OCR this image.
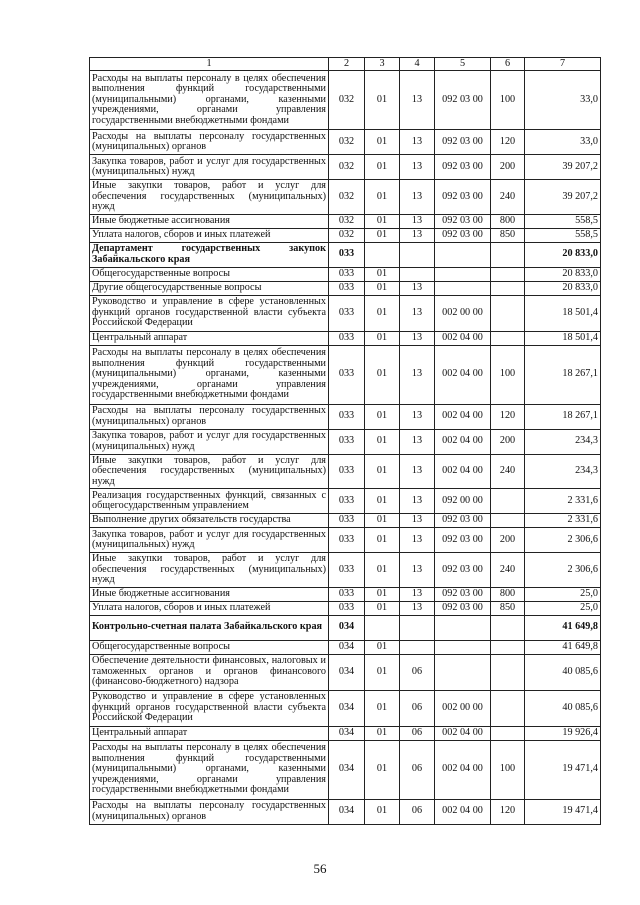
1	2	3	4	5	6	7
Расходы на выплаты персоналу в целях обеспечения выполнения функций государственными (муниципальными) органами, казенными учреждениями, органами управления государственными внебюджетными фондами	032	01	13	092 03 00	100	33,0
Расходы на выплаты персоналу государственных (муниципальных) органов	032	01	13	092 03 00	120	33,0
Закупка товаров, работ и услуг для государственных (муниципальных) нужд	032	01	13	092 03 00	200	39 207,2
Иные закупки товаров, работ и услуг для обеспечения государственных (муниципальных) нужд	032	01	13	092 03 00	240	39 207,2
Иные бюджетные ассигнования	032	01	13	092 03 00	800	558,5
Уплата налогов, сборов и иных платежей	032	01	13	092 03 00	850	558,5
Департамент государственных закупок Забайкальского края	033					20 833,0
Общегосударственные вопросы	033	01				20 833,0
Другие общегосударственные вопросы	033	01	13			20 833,0
Руководство и управление в сфере установленных функций органов государственной власти субъекта Российской Федерации	033	01	13	002 00 00		18 501,4
Центральный аппарат	033	01	13	002 04 00		18 501,4
Расходы на выплаты персоналу в целях обеспечения выполнения функций государственными (муниципальными) органами, казенными учреждениями, органами управления государственными внебюджетными фондами	033	01	13	002 04 00	100	18 267,1
Расходы на выплаты персоналу государственных (муниципальных) органов	033	01	13	002 04 00	120	18 267,1
Закупка товаров, работ и услуг для государственных (муниципальных) нужд	033	01	13	002 04 00	200	234,3
Иные закупки товаров, работ и услуг для обеспечения государственных (муниципальных) нужд	033	01	13	002 04 00	240	234,3
Реализация государственных функций, связанных с общегосударственным управлением	033	01	13	092 00 00		2 331,6
Выполнение других обязательств государства	033	01	13	092 03 00		2 331,6
Закупка товаров, работ и услуг для государственных (муниципальных) нужд	033	01	13	092 03 00	200	2 306,6
Иные закупки товаров, работ и услуг для обеспечения государственных (муниципальных) нужд	033	01	13	092 03 00	240	2 306,6
Иные бюджетные ассигнования	033	01	13	092 03 00	800	25,0
Уплата налогов, сборов и иных платежей	033	01	13	092 03 00	850	25,0
Контрольно-счетная палата Забайкальского края	034					41 649,8
Общегосударственные вопросы	034	01				41 649,8
Обеспечение деятельности финансовых, налоговых и таможенных органов и органов финансового (финансово-бюджетного) надзора	034	01	06			40 085,6
Руководство и управление в сфере установленных функций органов государственной власти субъекта Российской Федерации	034	01	06	002 00 00		40 085,6
Центральный аппарат	034	01	06	002 04 00		19 926,4
Расходы на выплаты персоналу в целях обеспечения выполнения функций государственными (муниципальными) органами, казенными учреждениями, органами управления государственными внебюджетными фондами	034	01	06	002 04 00	100	19 471,4
Расходы на выплаты персоналу государственных (муниципальных) органов	034	01	06	002 04 00	120	19 471,4
56
